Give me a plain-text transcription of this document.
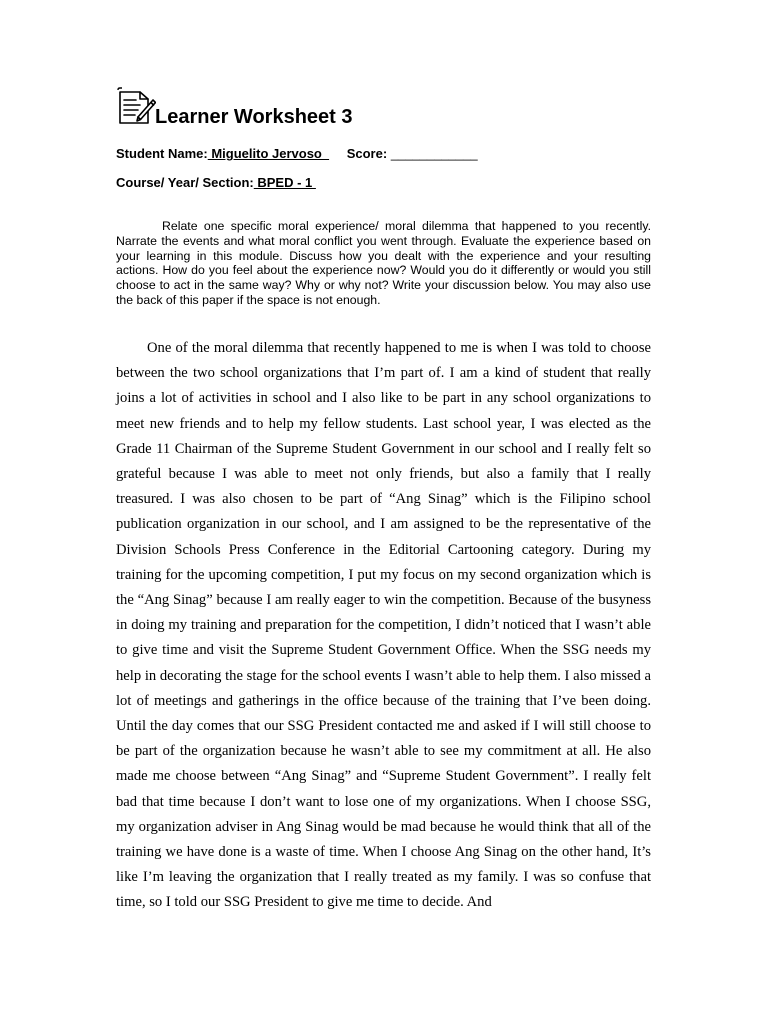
Learner Worksheet 3
Student Name: Miguelito Jervoso   Score: ____________
Course/ Year/ Section: BPED - 1

Relate one specific moral experience/ moral dilemma that happened to you recently. Narrate the events and what moral conflict you went through. Evaluate the experience based on your learning in this module. Discuss how you dealt with the experience and your resulting actions. How do you feel about the experience now? Would you do it differently or would you still choose to act in the same way? Why or why not? Write your discussion below. You may also use the back of this paper if the space is not enough.

One of the moral dilemma that recently happened to me is when I was told to choose between the two school organizations that I’m part of. I am a kind of student that really joins a lot of activities in school and I also like to be part in any school organizations to meet new friends and to help my fellow students. Last school year, I was elected as the Grade 11 Chairman of the Supreme Student Government in our school and I really felt so grateful because I was able to meet not only friends, but also a family that I really treasured. I was also chosen to be part of “Ang Sinag” which is the Filipino school publication organization in our school, and I am assigned to be the representative of the Division Schools Press Conference in the Editorial Cartooning category. During my training for the upcoming competition, I put my focus on my second organization which is the “Ang Sinag” because I am really eager to win the competition. Because of the busyness in doing my training and preparation for the competition, I didn’t noticed that I wasn’t able to give time and visit the Supreme Student Government Office. When the SSG needs my help in decorating the stage for the school events I wasn’t able to help them. I also missed a lot of meetings and gatherings in the office because of the training that I’ve been doing. Until the day comes that our SSG President contacted me and asked if I will still choose to be part of the organization because he wasn’t able to see my commitment at all. He also made me choose between “Ang Sinag” and “Supreme Student Government”. I really felt bad that time because I don’t want to lose one of my organizations. When I choose SSG, my organization adviser in Ang Sinag would be mad because he would think that all of the training we have done is a waste of time. When I choose Ang Sinag on the other hand, It’s like I’m leaving the organization that I really treated as my family. I was so confuse that time, so I told our SSG President to give me time to decide. And
